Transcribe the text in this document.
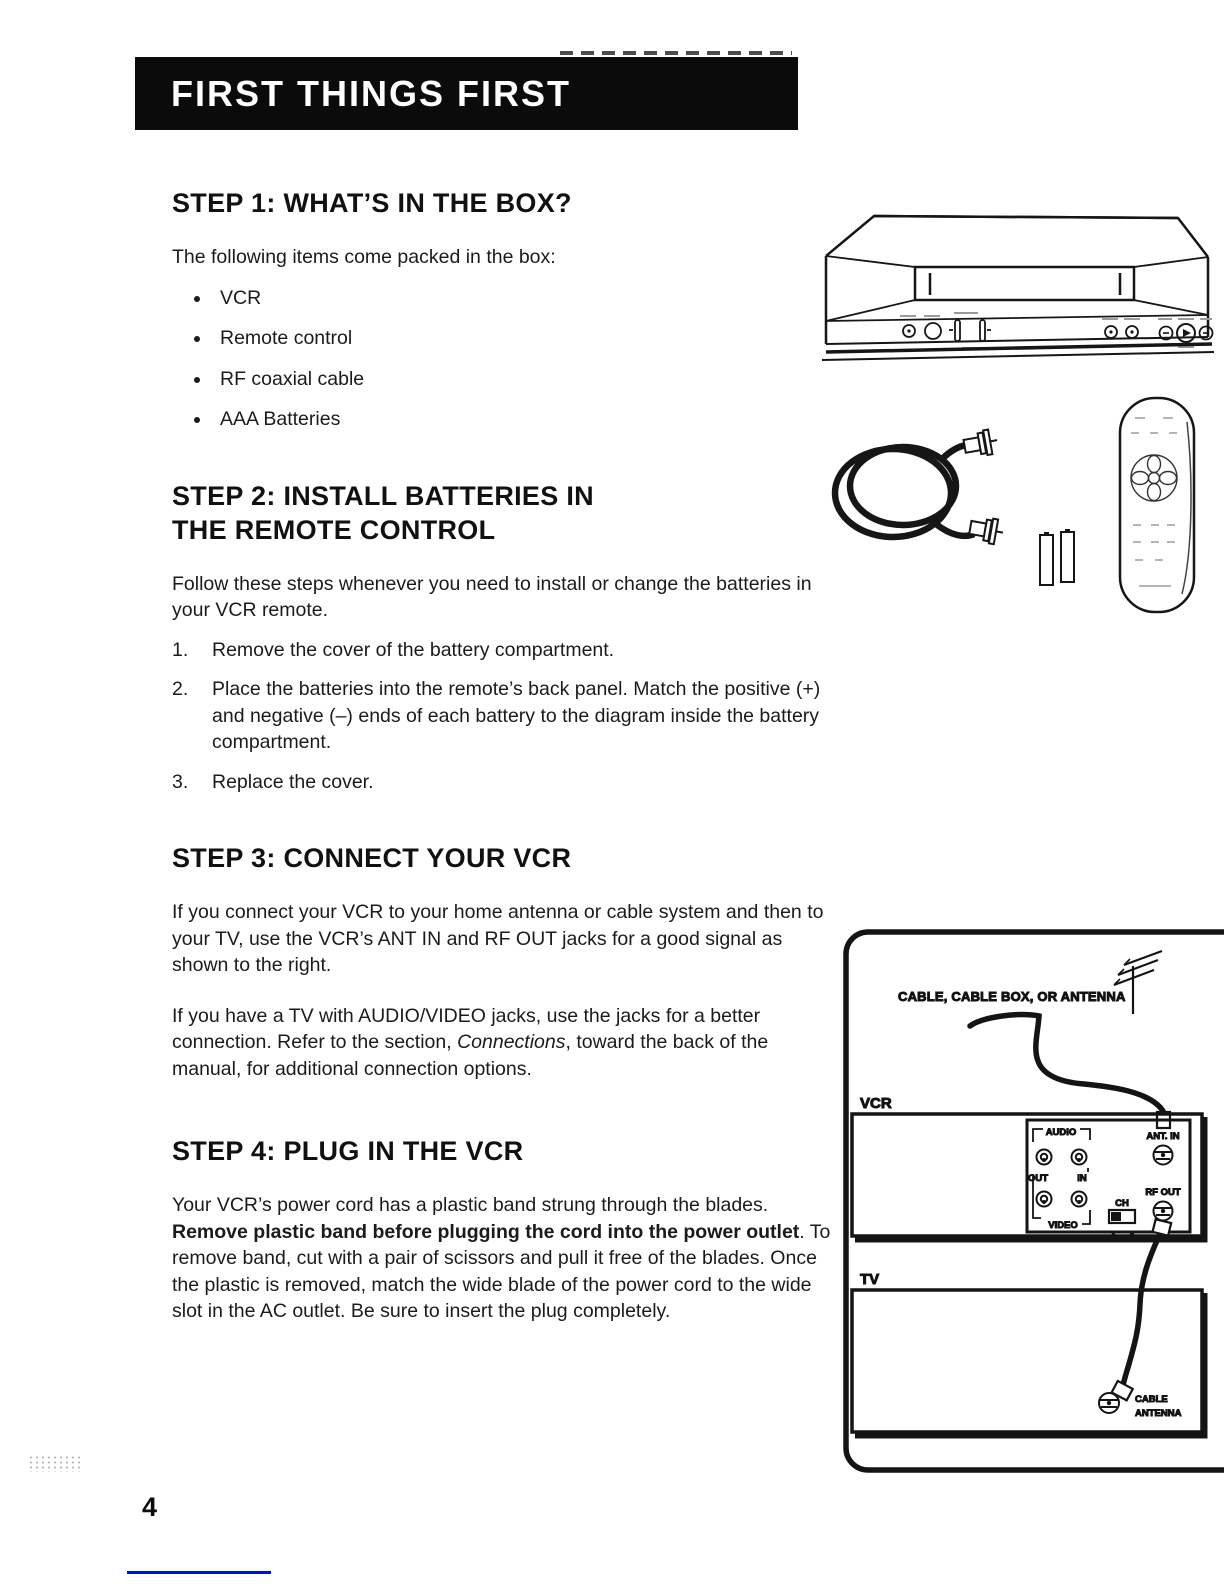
FIRST THINGS FIRST
STEP 1: WHAT’S IN THE BOX?

The following items come packed in the box:

• VCR
• Remote control
• RF coaxial cable
• AAA Batteries
STEP 2: INSTALL BATTERIES IN
THE REMOTE CONTROL

Follow these steps whenever you need to install or change the batteries in your VCR remote.

1. Remove the cover of the battery compartment.
2. Place the batteries into the remote’s back panel. Match the positive (+) and negative (–) ends of each battery to the diagram inside the battery compartment.
3. Replace the cover.
STEP 3: CONNECT YOUR VCR

If you connect your VCR to your home antenna or cable system and then to your TV, use the VCR’s ANT IN and RF OUT jacks for a good signal as shown to the right.

If you have a TV with AUDIO/VIDEO jacks, use the jacks for a better connection. Refer to the section, Connections, toward the back of the manual, for additional connection options.

STEP 4: PLUG IN THE VCR

Your VCR’s power cord has a plastic band strung through the blades. Remove plastic band before plugging the cord into the power outlet. To remove band, cut with a pair of scissors and pull it free of the blades. Once the plastic is removed, match the wide blade of the power cord to the wide slot in the AC outlet. Be sure to insert the plug completely.

CABLE, CABLE BOX, OR ANTENNA
VCR
AUDIO
OUT	IN
VIDEO
CH
3 4
ANT. IN
RF OUT
TV
CABLE
ANTENNA
4
